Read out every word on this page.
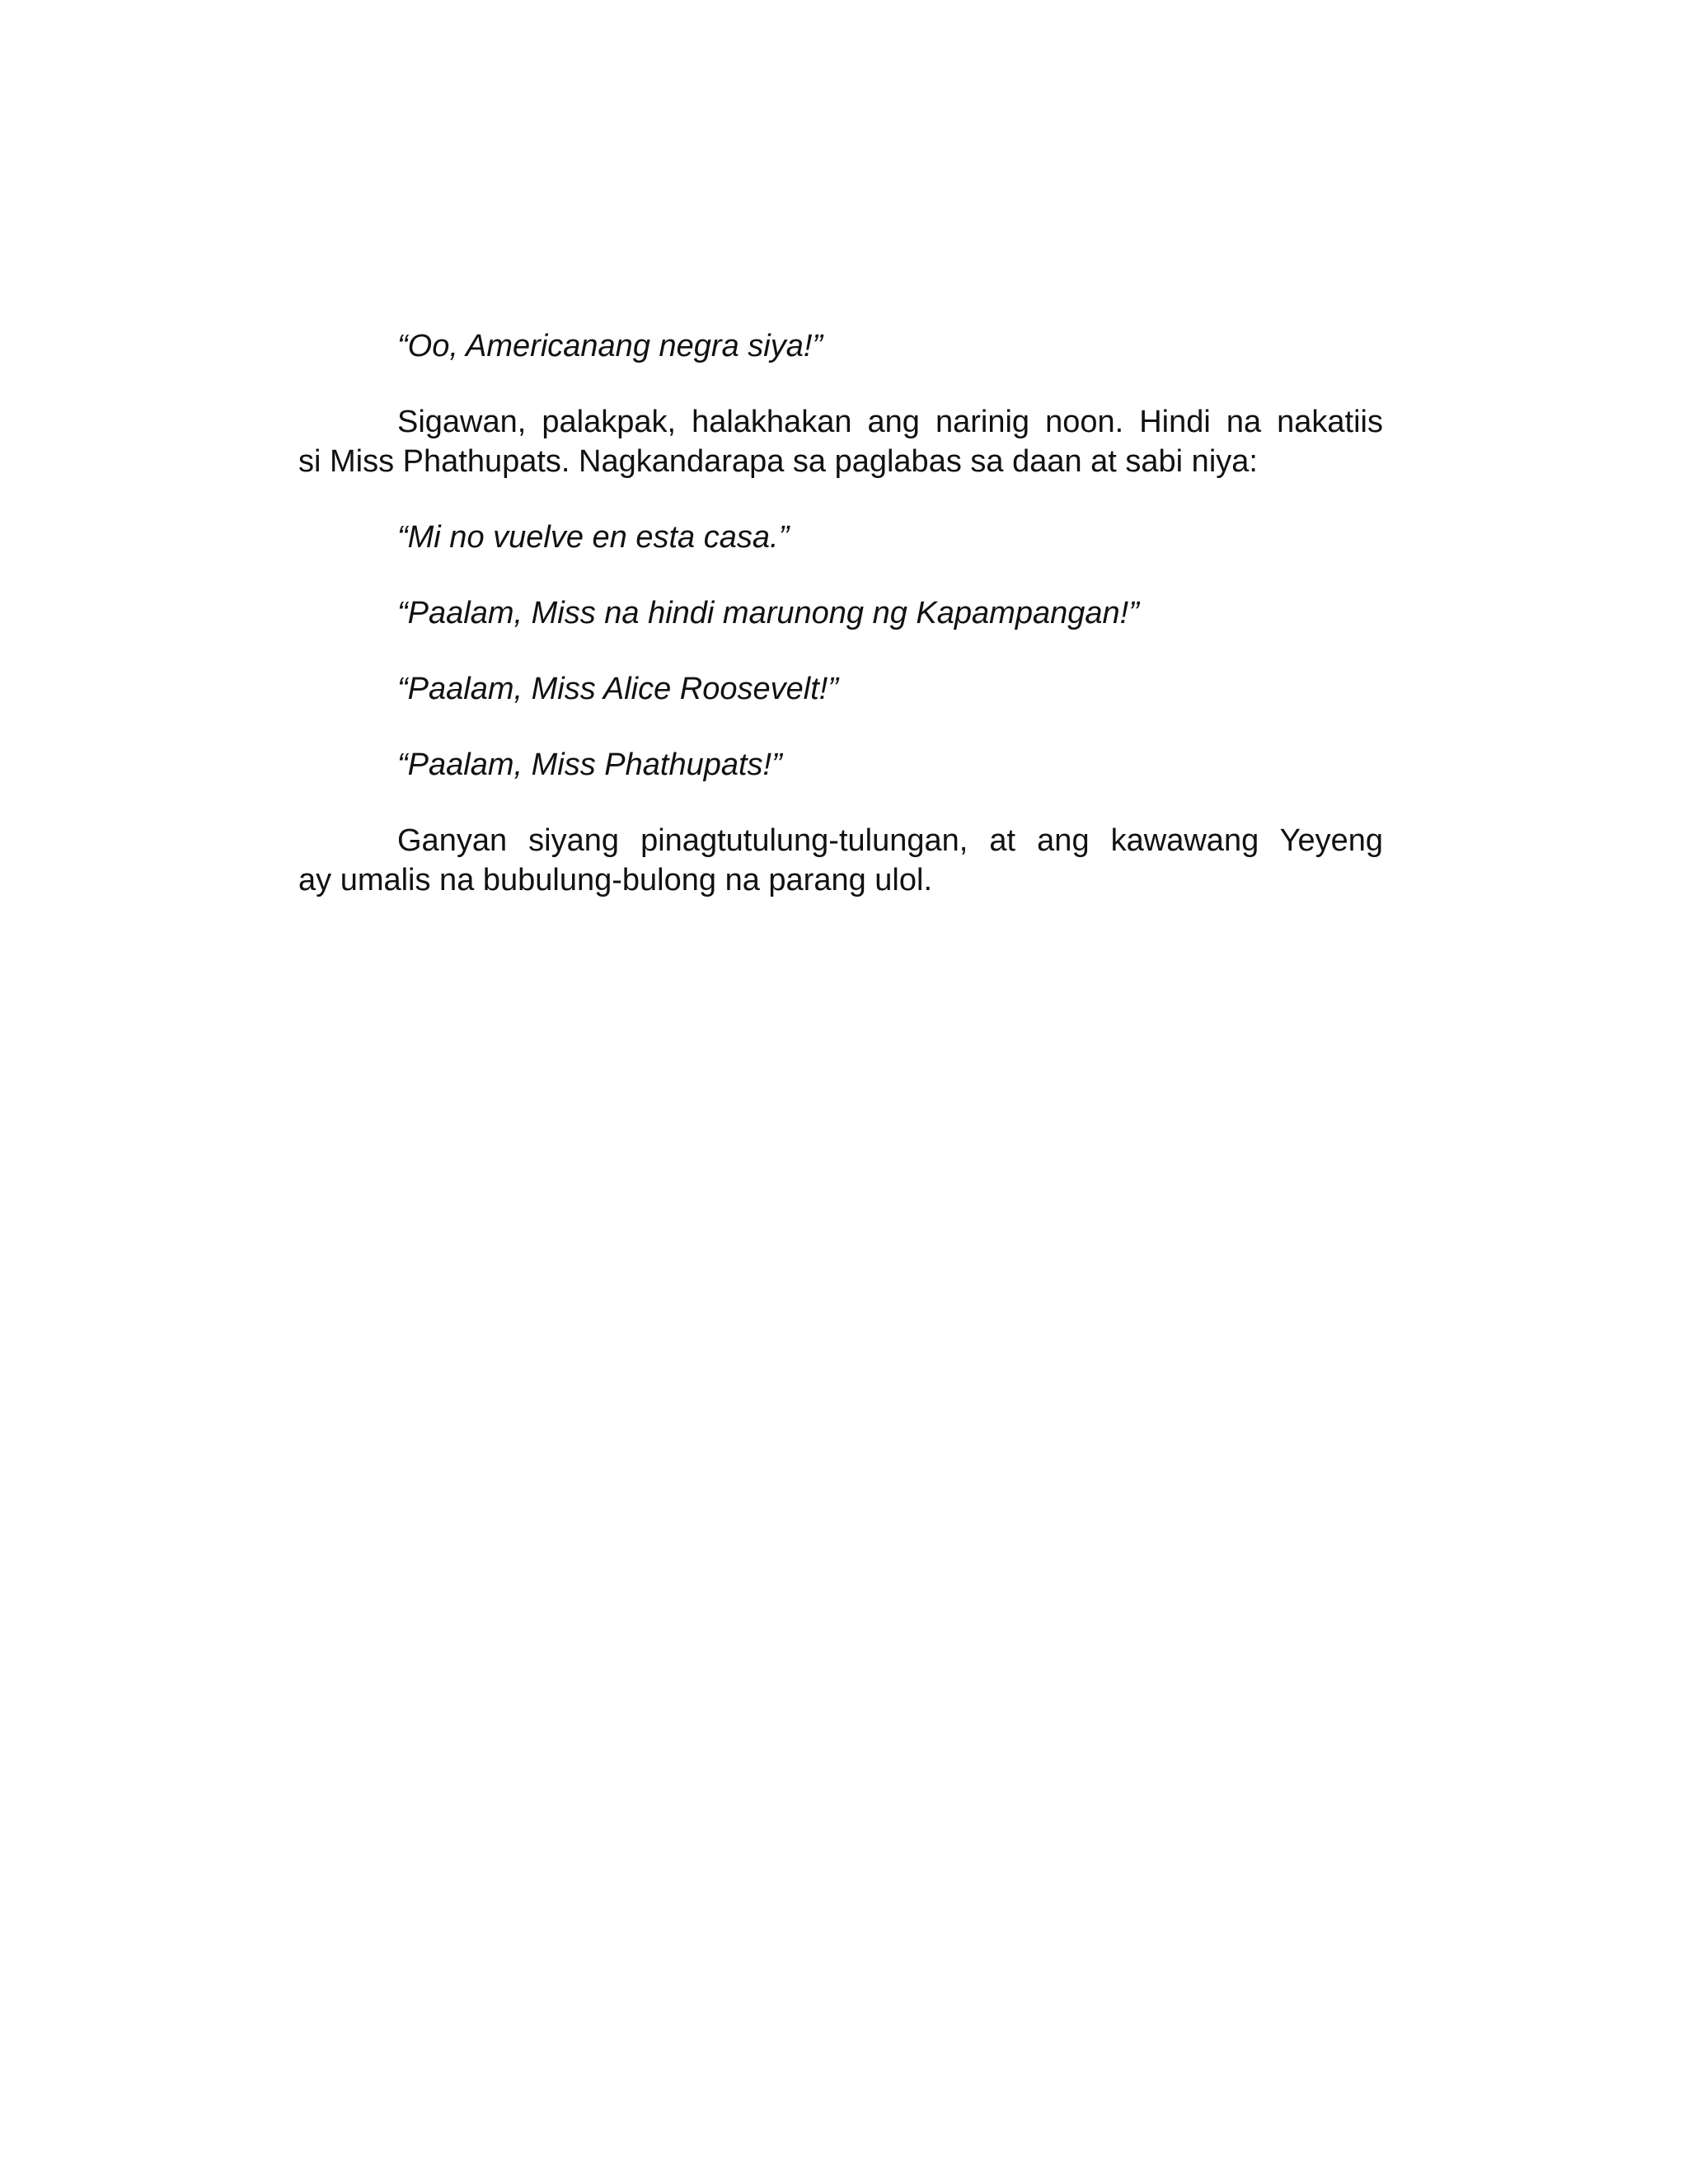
“Oo, Americanang negra siya!”

Sigawan, palakpak, halakhakan ang narinig noon. Hindi na nakatiis
si Miss Phathupats. Nagkandarapa sa paglabas sa daan at sabi niya:

“Mi no vuelve en esta casa.”

“Paalam, Miss na hindi marunong ng Kapampangan!”

“Paalam, Miss Alice Roosevelt!”

“Paalam, Miss Phathupats!”

Ganyan siyang pinagtutulung-tulungan, at ang kawawang Yeyeng
ay umalis na bubulung-bulong na parang ulol.
